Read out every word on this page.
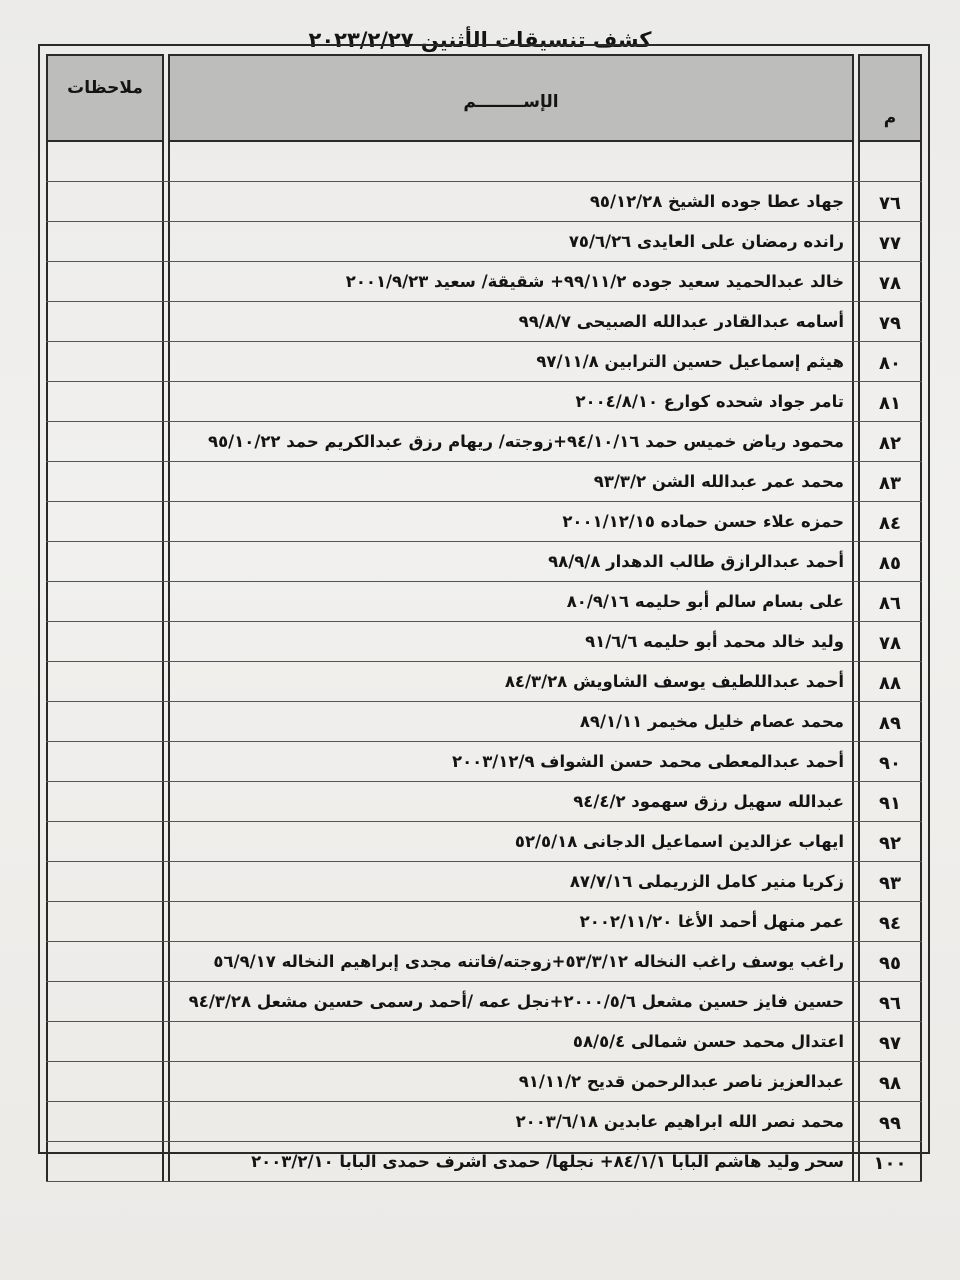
كشف تنسيقات الأثنين ٢٠٢٣/٢/٢٧
م
الإســــــــم
ملاحظات
٧٦
جهاد عطا جوده الشيخ ٩٥/١٢/٢٨
٧٧
رانده رمضان على العايدى ٧٥/٦/٢٦
٧٨
خالد عبدالحميد سعيد جوده ٩٩/١١/٢+ شقيقة/ سعيد ٢٠٠١/٩/٢٣
٧٩
أسامه عبدالقادر عبدالله الصبيحى ٩٩/٨/٧
٨٠
هيثم إسماعيل حسين الترابين ٩٧/١١/٨
٨١
تامر جواد شحده كوارع ٢٠٠٤/٨/١٠
٨٢
محمود رياض خميس حمد ٩٤/١٠/١٦+زوجته/ ريهام رزق عبدالكريم حمد ٩٥/١٠/٢٢
٨٣
محمد عمر عبدالله الشن ٩٣/٣/٢
٨٤
حمزه علاء حسن حماده ٢٠٠١/١٢/١٥
٨٥
أحمد عبدالرازق طالب الدهدار ٩٨/٩/٨
٨٦
على بسام سالم أبو حليمه ٨٠/٩/١٦
٧٨
وليد خالد محمد أبو حليمه ٩١/٦/٦
٨٨
أحمد عبداللطيف يوسف الشاويش ٨٤/٣/٢٨
٨٩
محمد عصام خليل مخيمر ٨٩/١/١١
٩٠
أحمد عبدالمعطى محمد حسن الشواف ٢٠٠٣/١٢/٩
٩١
عبدالله سهيل رزق سهمود ٩٤/٤/٢
٩٢
ايهاب عزالدين اسماعيل الدجانى ٥٢/٥/١٨
٩٣
زكريا منير كامل الزريملى ٨٧/٧/١٦
٩٤
عمر منهل أحمد الأغا ٢٠٠٢/١١/٢٠
٩٥
راغب يوسف راغب النخاله ٥٣/٣/١٢+زوجته/فاتنه مجدى إبراهيم النخاله ٥٦/٩/١٧
٩٦
حسين فايز حسين مشعل ٢٠٠٠/٥/٦+نجل عمه /أحمد رسمى حسين مشعل ٩٤/٣/٢٨
٩٧
اعتدال محمد حسن شمالى ٥٨/٥/٤
٩٨
عبدالعزيز ناصر عبدالرحمن قديح ٩١/١١/٢
٩٩
محمد نصر الله ابراهيم عابدين ٢٠٠٣/٦/١٨
١٠٠
سحر وليد هاشم البابا ٨٤/١/١+ نجلها/ حمدى اشرف حمدى البابا ٢٠٠٣/٢/١٠
